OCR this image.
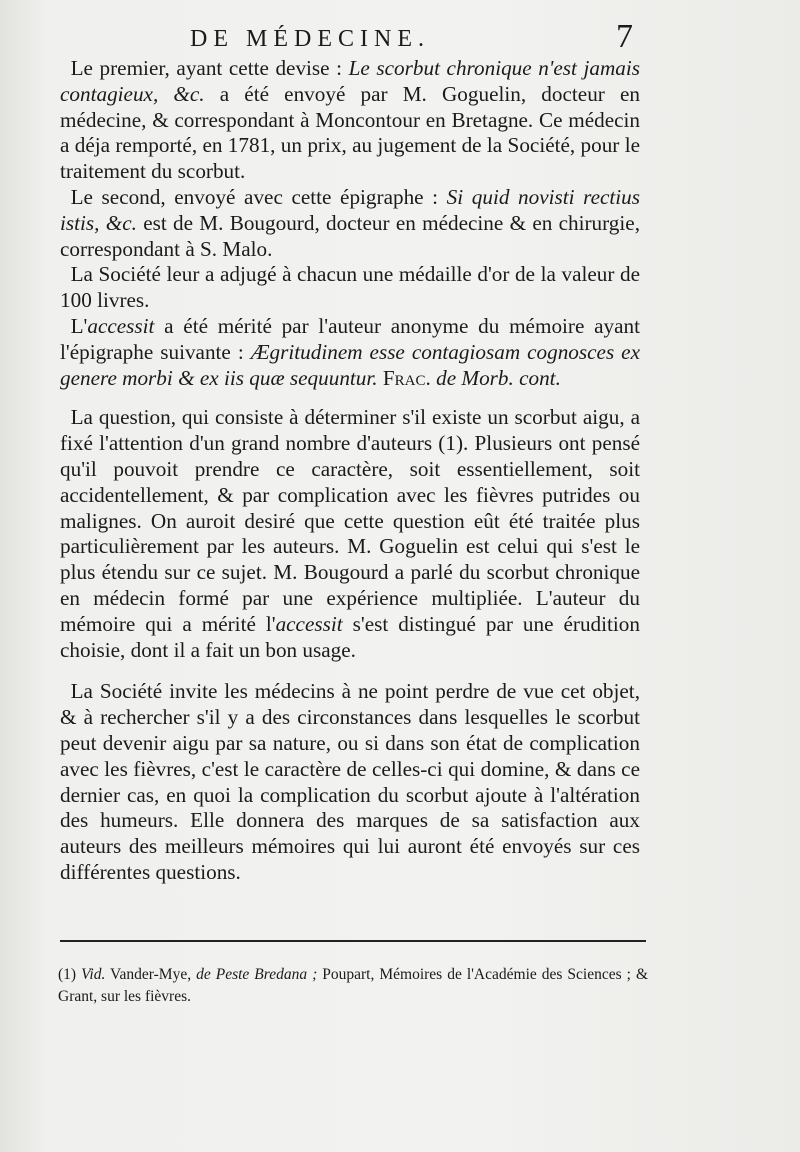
DE MÉDECINE.	7

Le premier, ayant cette devise : Le scorbut chronique n'est jamais contagieux, &c. a été envoyé par M. Goguelin, docteur en médecine, & correspondant à Moncontour en Bretagne. Ce médecin a déja remporté, en 1781, un prix, au jugement de la Société, pour le traitement du scorbut.

Le second, envoyé avec cette épigraphe : Si quid novisti rectius istis, &c. est de M. Bougourd, docteur en médecine & en chirurgie, correspondant à S. Malo.

La Société leur a adjugé à chacun une médaille d'or de la valeur de 100 livres.

L'accessit a été mérité par l'auteur anonyme du mémoire ayant l'épigraphe suivante : Ægritudinem esse contagiosam cognosces ex genere morbi & ex iis quæ sequuntur. Frac. de Morb. cont.

La question, qui consiste à déterminer s'il existe un scorbut aigu, a fixé l'attention d'un grand nombre d'auteurs (1). Plusieurs ont pensé qu'il pouvoit prendre ce caractère, soit essentiellement, soit accidentellement, & par complication avec les fièvres putrides ou malignes. On auroit desiré que cette question eût été traitée plus particulièrement par les auteurs. M. Goguelin est celui qui s'est le plus étendu sur ce sujet. M. Bougourd a parlé du scorbut chronique en médecin formé par une expérience multipliée. L'auteur du mémoire qui a mérité l'accessit s'est distingué par une érudition choisie, dont il a fait un bon usage.

La Société invite les médecins à ne point perdre de vue cet objet, & à rechercher s'il y a des circonstances dans lesquelles le scorbut peut devenir aigu par sa nature, ou si dans son état de complication avec les fièvres, c'est le caractère de celles-ci qui domine, & dans ce dernier cas, en quoi la complication du scorbut ajoute à l'altération des humeurs. Elle donnera des marques de sa satisfaction aux auteurs des meilleurs mémoires qui lui auront été envoyés sur ces différentes questions.

(1) Vid. Vander-Mye, de Peste Bredana ; Poupart, Mémoires de l'Académie des Sciences ; & Grant, sur les fièvres.
